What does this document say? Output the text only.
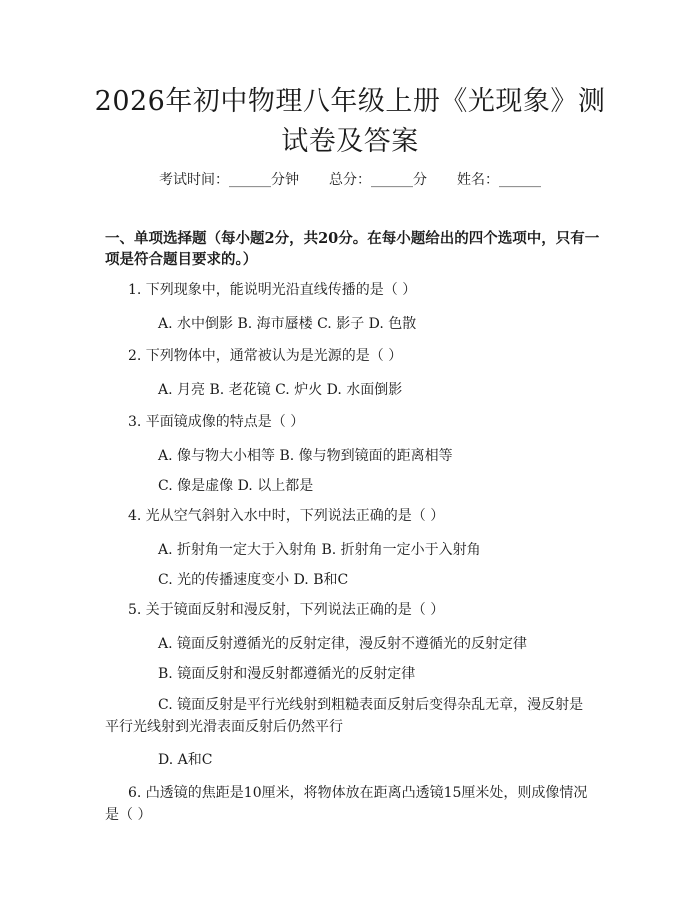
2026年初中物理八年级上册《光现象》测试卷及答案
考试时间：______分钟 总分：______分 姓名：______
一、单项选择题（每小题2分，共20分。在每小题给出的四个选项中，只有一项是符合题目要求的。）
1. 下列现象中，能说明光沿直线传播的是（ ）
A. 水中倒影 B. 海市蜃楼 C. 影子 D. 色散
2. 下列物体中，通常被认为是光源的是（ ）
A. 月亮 B. 老花镜 C. 炉火 D. 水面倒影
3. 平面镜成像的特点是（ ）
A. 像与物大小相等 B. 像与物到镜面的距离相等
C. 像是虚像 D. 以上都是
4. 光从空气斜射入水中时，下列说法正确的是（ ）
A. 折射角一定大于入射角 B. 折射角一定小于入射角
C. 光的传播速度变小 D. B和C
5. 关于镜面反射和漫反射，下列说法正确的是（ ）
A. 镜面反射遵循光的反射定律，漫反射不遵循光的反射定律
B. 镜面反射和漫反射都遵循光的反射定律
C. 镜面反射是平行光线射到粗糙表面反射后变得杂乱无章，漫反射是平行光线射到光滑表面反射后仍然平行
D. A和C
6. 凸透镜的焦距是10厘米，将物体放在距离凸透镜15厘米处，则成像情况是（ ）
